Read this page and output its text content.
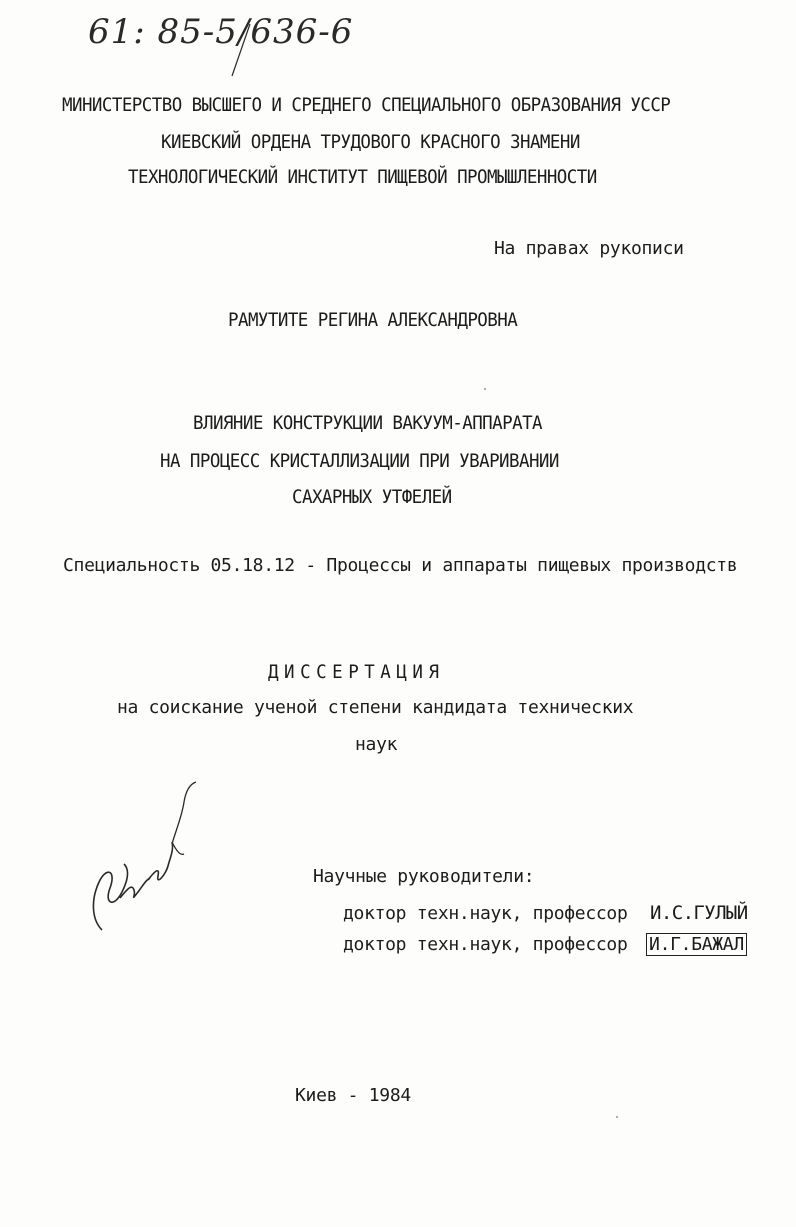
61: 85-5/636-6
МИНИСТЕРСТВО ВЫСШЕГО И СРЕДНЕГО СПЕЦИАЛЬНОГО ОБРАЗОВАНИЯ УССР
КИЕВСКИЙ ОРДЕНА ТРУДОВОГО КРАСНОГО ЗНАМЕНИ
ТЕХНОЛОГИЧЕСКИЙ ИНСТИТУТ ПИЩЕВОЙ ПРОМЫШЛЕННОСТИ
На правах рукописи
РАМУТИТЕ РЕГИНА АЛЕКСАНДРОВНА
ВЛИЯНИЕ КОНСТРУКЦИИ ВАКУУМ-АППАРАТА
НА ПРОЦЕСС КРИСТАЛЛИЗАЦИИ ПРИ УВАРИВАНИИ
САХАРНЫХ УТФЕЛЕЙ
Специальность 05.18.12 - Процессы и аппараты пищевых производств
ДИССЕРТАЦИЯ
на соискание ученой степени кандидата технических
наук
Научные руководители:
доктор техн.наук, профессор И.С.ГУЛЫЙ
доктор техн.наук, профессор И.Г.БАЖАЛ
Киев - 1984
